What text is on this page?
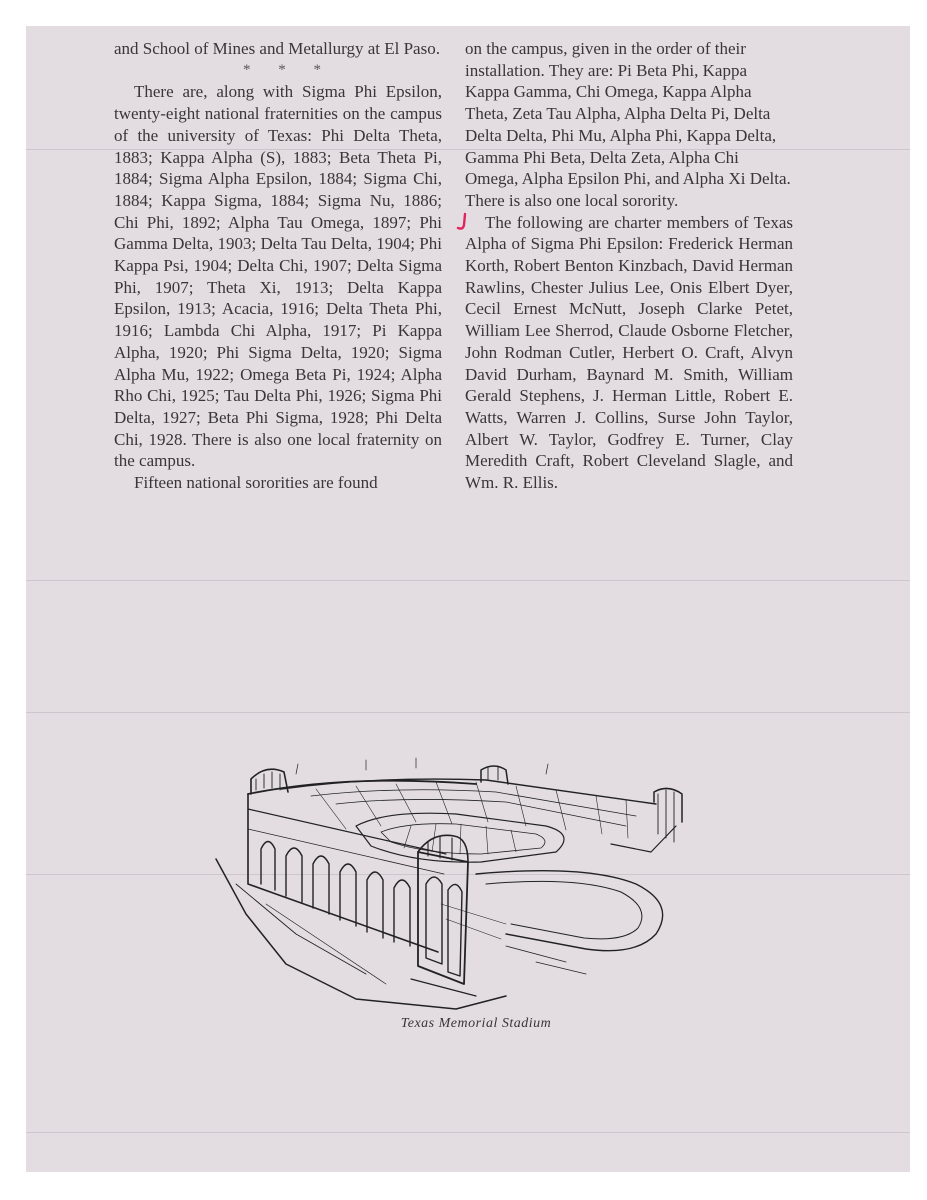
and School of Mines and Metallurgy at El Paso.

* * *

There are, along with Sigma Phi Epsilon, twenty-eight national fraternities on the campus of the university of Texas: Phi Delta Theta, 1883; Kappa Alpha (S), 1883; Beta Theta Pi, 1884; Sigma Alpha Epsilon, 1884; Sigma Chi, 1884; Kappa Sigma, 1884; Sigma Nu, 1886; Chi Phi, 1892; Alpha Tau Omega, 1897; Phi Gamma Delta, 1903; Delta Tau Delta, 1904; Phi Kappa Psi, 1904; Delta Chi, 1907; Delta Sigma Phi, 1907; Theta Xi, 1913; Delta Kappa Epsilon, 1913; Acacia, 1916; Delta Theta Phi, 1916; Lambda Chi Alpha, 1917; Pi Kappa Alpha, 1920; Phi Sigma Delta, 1920; Sigma Alpha Mu, 1922; Omega Beta Pi, 1924; Alpha Rho Chi, 1925; Tau Delta Phi, 1926; Sigma Phi Delta, 1927; Beta Phi Sigma, 1928; Phi Delta Chi, 1928. There is also one local fraternity on the campus.

Fifteen national sororities are found

on the campus, given in the order of their installation. They are: Pi Beta Phi, Kappa Kappa Gamma, Chi Omega, Kappa Alpha Theta, Zeta Tau Alpha, Alpha Delta Pi, Delta Delta Delta, Phi Mu, Alpha Phi, Kappa Delta, Gamma Phi Beta, Delta Zeta, Alpha Chi Omega, Alpha Epsilon Phi, and Alpha Xi Delta. There is also one local sorority.

The following are charter members of Texas Alpha of Sigma Phi Epsilon: Frederick Herman Korth, Robert Benton Kinzbach, David Herman Rawlins, Chester Julius Lee, Onis Elbert Dyer, Cecil Ernest McNutt, Joseph Clarke Petet, William Lee Sherrod, Claude Osborne Fletcher, John Rodman Cutler, Herbert O. Craft, Alvyn David Durham, Baynard M. Smith, William Gerald Stephens, J. Herman Little, Robert E. Watts, Warren J. Collins, Surse John Taylor, Albert W. Taylor, Godfrey E. Turner, Clay Meredith Craft, Robert Cleveland Slagle, and Wm. R. Ellis.

Texas Memorial Stadium
